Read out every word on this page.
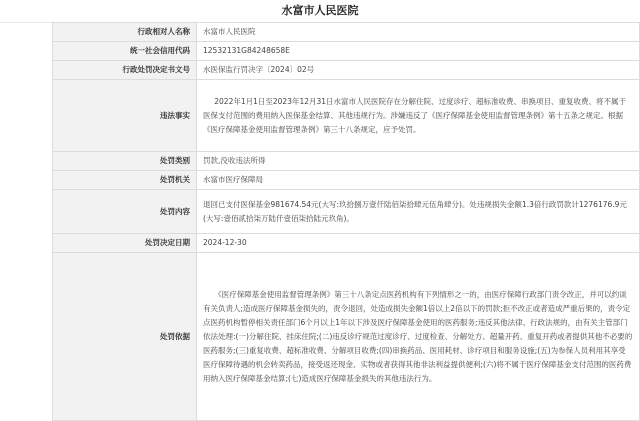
水富市人民医院
行政相对人名称	水富市人民医院
统一社会信用代码	12532131G84248658E
行政处罚决定书文号	水医保监行罚决字〔2024〕02号
违法事实	2022年1月1日至2023年12月31日水富市人民医院存在分解住院、过度诊疗、超标准收费、串换项目、重复收费、将不属于医保支付范围的费用纳入医保基金结算、其他违规行为。涉嫌违反了《医疗保障基金使用监督管理条例》第十五条之规定。根据《医疗保障基金使用监督管理条例》第三十八条规定，应予处罚。

处罚类别	罚款,没收违法所得
处罚机关	水富市医疗保障局
处罚内容	退回已支付医保基金981674.54元(大写:玖拾捌万壹仟陆佰柒拾肆元伍角肆分)。处违规损失金额1.3倍行政罚款计1276176.9元(大写:壹佰贰拾柒万陆仟壹佰柒拾陆元玖角)。
处罚决定日期	2024-12-30
处罚依据	《医疗保障基金使用监督管理条例》第三十八条定点医药机构有下列情形之一的，由医疗保障行政部门责令改正，并可以约谈有关负责人;造成医疗保障基金损失的，责令退回，处造成损失金额1倍以上2倍以下的罚款;拒不改正或者造成严重后果的，责令定点医药机构暂停相关责任部门6个月以上1年以下涉及医疗保障基金使用的医药服务;违反其他法律、行政法规的，由有关主管部门依法处理:(一)分解住院、挂床住院;(二)违反诊疗规范过度诊疗、过度检查、分解处方、超量开药、重复开药或者提供其他不必要的医药服务;(三)重复收费、超标准收费、分解项目收费;(四)串换药品、医用耗材、诊疗项目和服务设施;(五)为参保人员利用其享受医疗保障待遇的机会转卖药品，接受返还现金、实物或者获得其他非法利益提供便利;(六)将不属于医疗保障基金支付范围的医药费用纳入医疗保障基金结算;(七)造成医疗保障基金损失的其他违法行为。
